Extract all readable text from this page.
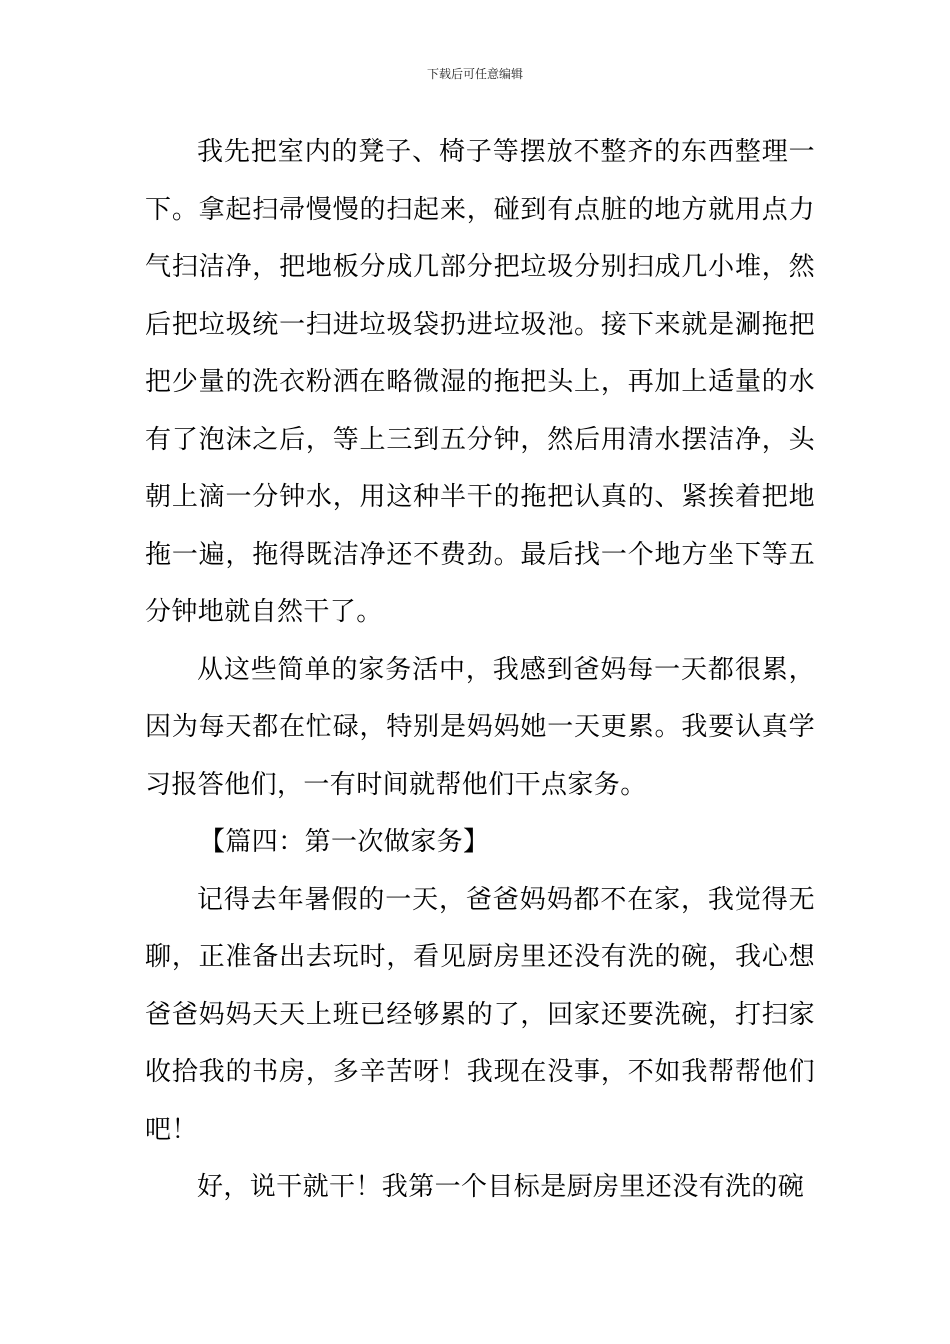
下载后可任意编辑

我先把室内的凳子、椅子等摆放不整齐的东西整理一下。拿起扫帚慢慢的扫起来，碰到有点脏的地方就用点力气扫洁净，把地板分成几部分把垃圾分别扫成几小堆，然后把垃圾统一扫进垃圾袋扔进垃圾池。接下来就是涮拖把把少量的洗衣粉洒在略微湿的拖把头上，再加上适量的水有了泡沫之后，等上三到五分钟，然后用清水摆洁净，头朝上滴一分钟水，用这种半干的拖把认真的、紧挨着把地拖一遍，拖得既洁净还不费劲。最后找一个地方坐下等五分钟地就自然干了。

从这些简单的家务活中，我感到爸妈每一天都很累，因为每天都在忙碌，特别是妈妈她一天更累。我要认真学习报答他们，一有时间就帮他们干点家务。

【篇四：第一次做家务】

记得去年暑假的一天，爸爸妈妈都不在家，我觉得无聊，正准备出去玩时，看见厨房里还没有洗的碗，我心想爸爸妈妈天天上班已经够累的了，回家还要洗碗，打扫家收拾我的书房，多辛苦呀！我现在没事，不如我帮帮他们吧！

好，说干就干！我第一个目标是厨房里还没有洗的碗
